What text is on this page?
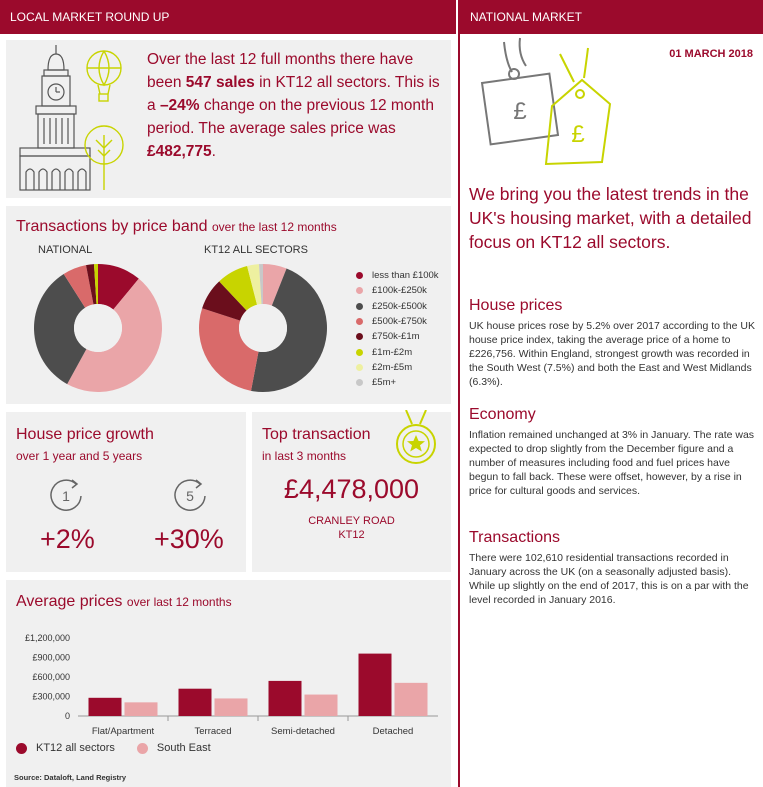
LOCAL MARKET ROUND UP
Over the last 12 full months there have been 547 sales in KT12 all sectors. This is a –24% change on the previous 12 month period. The average sales price was £482,775.
Transactions by price band over the last 12 months
NATIONAL	KT12 ALL SECTORS
less than £100k
£100k-£250k
£250k-£500k
£500k-£750k
£750k-£1m
£1m-£2m
£2m-£5m
£5m+
House price growth
over 1 year and 5 years
1	5
+2% +30%
Top transaction
in last 3 months
£4,478,000
CRANLEY ROAD
KT12
Average prices over last 12 months
£1,200,000
£900,000
£600,000
£300,000
0
Flat/Apartment	Terraced	Semi-detached	Detached
KT12 all sectors	South East
Source: Dataloft, Land Registry
NATIONAL MARKET
£
£
01 MARCH 2018
We bring you the latest trends in the UK's housing market, with a detailed focus on KT12 all sectors.
House prices
UK house prices rose by 5.2% over 2017 according to the UK house price index, taking the average price of a home to £226,756. Within England, strongest growth was recorded in the South West (7.5%) and both the East and West Midlands (6.3%).
Economy
Inflation remained unchanged at 3% in January. The rate was expected to drop slightly from the December figure and a number of measures including food and fuel prices have begun to fall back. These were offset, however, by a rise in price for cultural goods and services.
Transactions
There were 102,610 residential transactions recorded in January across the UK (on a seasonally adjusted basis). While up slightly on the end of 2017, this is on a par with the level recorded in January 2016.
